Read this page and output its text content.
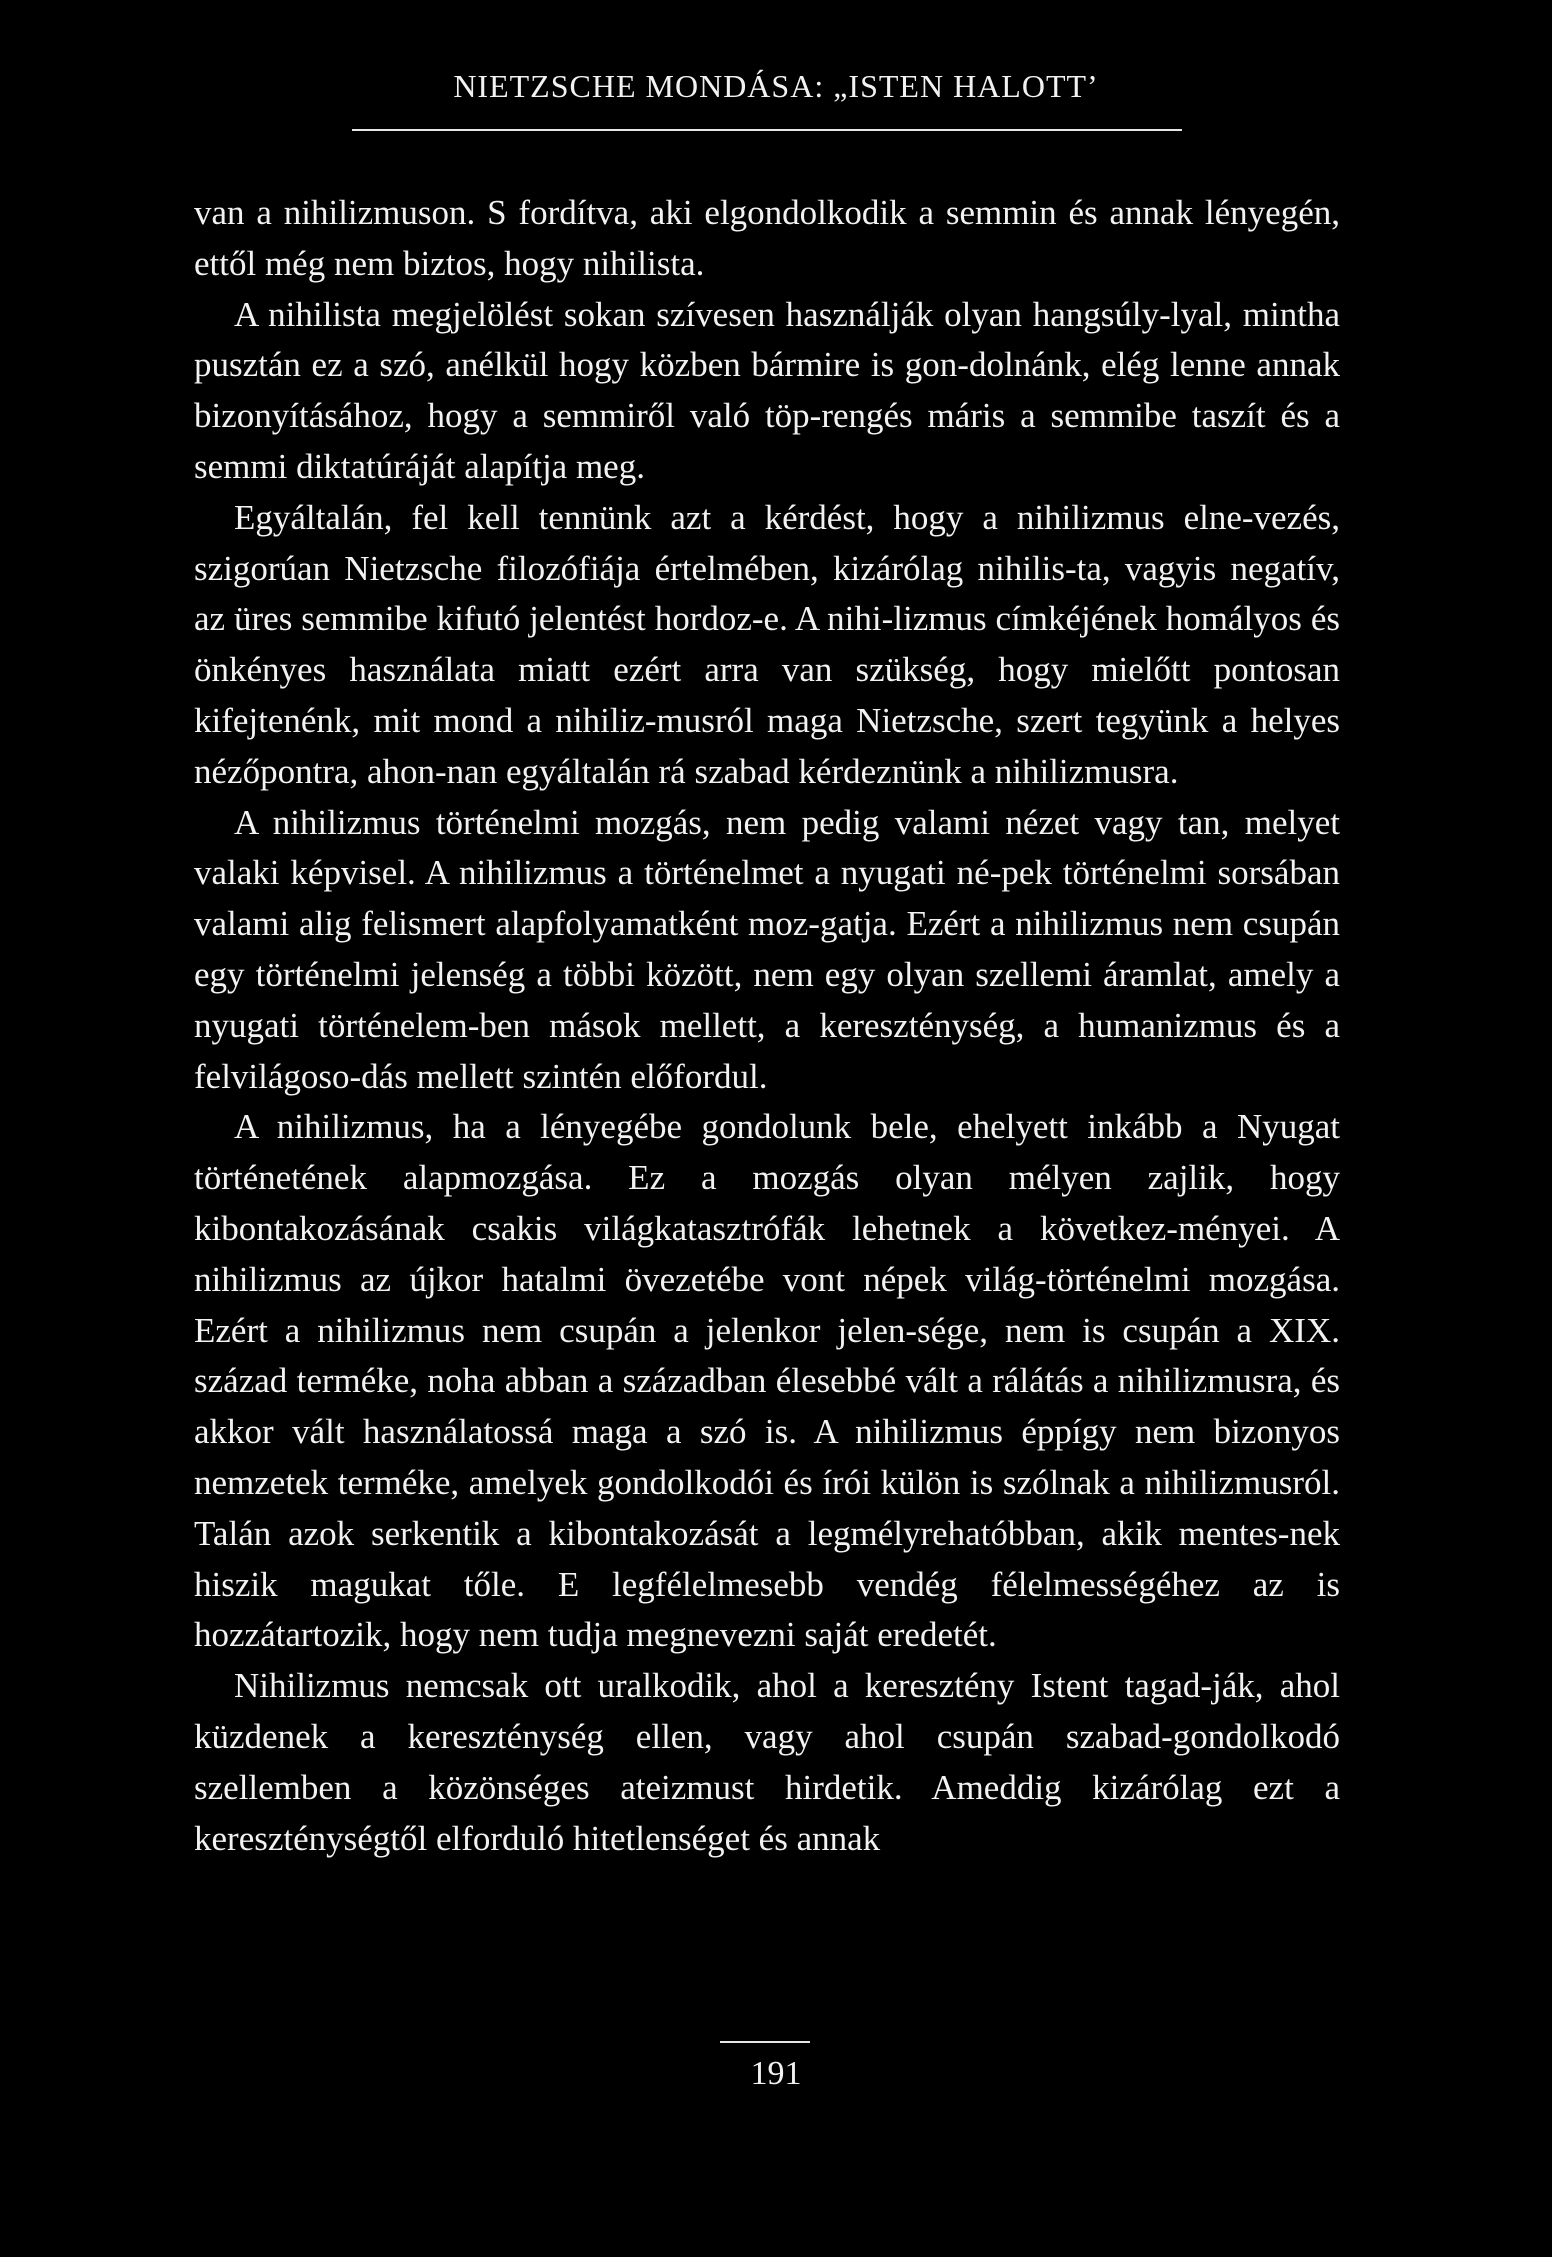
NIETZSCHE MONDÁSA: „ISTEN HALOTT’

van a nihilizmuson. S fordítva, aki elgondolkodik a semmin és annak lényegén, ettől még nem biztos, hogy nihilista.

A nihilista megjelölést sokan szívesen használják olyan hangsúly-lyal, mintha pusztán ez a szó, anélkül hogy közben bármire is gon-dolnánk, elég lenne annak bizonyításához, hogy a semmiről való töp-rengés máris a semmibe taszít és a semmi diktatúráját alapítja meg.

Egyáltalán, fel kell tennünk azt a kérdést, hogy a nihilizmus elne-vezés, szigorúan Nietzsche filozófiája értelmében, kizárólag nihilis-ta, vagyis negatív, az üres semmibe kifutó jelentést hordoz-e. A nihi-lizmus címkéjének homályos és önkényes használata miatt ezért arra van szükség, hogy mielőtt pontosan kifejtenénk, mit mond a nihiliz-musról maga Nietzsche, szert tegyünk a helyes nézőpontra, ahon-nan egyáltalán rá szabad kérdeznünk a nihilizmusra.

A nihilizmus történelmi mozgás, nem pedig valami nézet vagy tan, melyet valaki képvisel. A nihilizmus a történelmet a nyugati né-pek történelmi sorsában valami alig felismert alapfolyamatként moz-gatja. Ezért a nihilizmus nem csupán egy történelmi jelenség a többi között, nem egy olyan szellemi áramlat, amely a nyugati történelem-ben mások mellett, a kereszténység, a humanizmus és a felvilágoso-dás mellett szintén előfordul.

A nihilizmus, ha a lényegébe gondolunk bele, ehelyett inkább a Nyugat történetének alapmozgása. Ez a mozgás olyan mélyen zajlik, hogy kibontakozásának csakis világkatasztrófák lehetnek a következ-ményei. A nihilizmus az újkor hatalmi övezetébe vont népek világ-történelmi mozgása. Ezért a nihilizmus nem csupán a jelenkor jelen-sége, nem is csupán a XIX. század terméke, noha abban a században élesebbé vált a rálátás a nihilizmusra, és akkor vált használatossá maga a szó is. A nihilizmus éppígy nem bizonyos nemzetek terméke, amelyek gondolkodói és írói külön is szólnak a nihilizmusról. Talán azok serkentik a kibontakozását a legmélyrehatóbban, akik mentes-nek hiszik magukat tőle. E legfélelmesebb vendég félelmességéhez az is hozzátartozik, hogy nem tudja megnevezni saját eredetét.

Nihilizmus nemcsak ott uralkodik, ahol a keresztény Istent tagad-ják, ahol küzdenek a kereszténység ellen, vagy ahol csupán szabad-gondolkodó szellemben a közönséges ateizmust hirdetik. Ameddig kizárólag ezt a kereszténységtől elforduló hitetlenséget és annak

191
